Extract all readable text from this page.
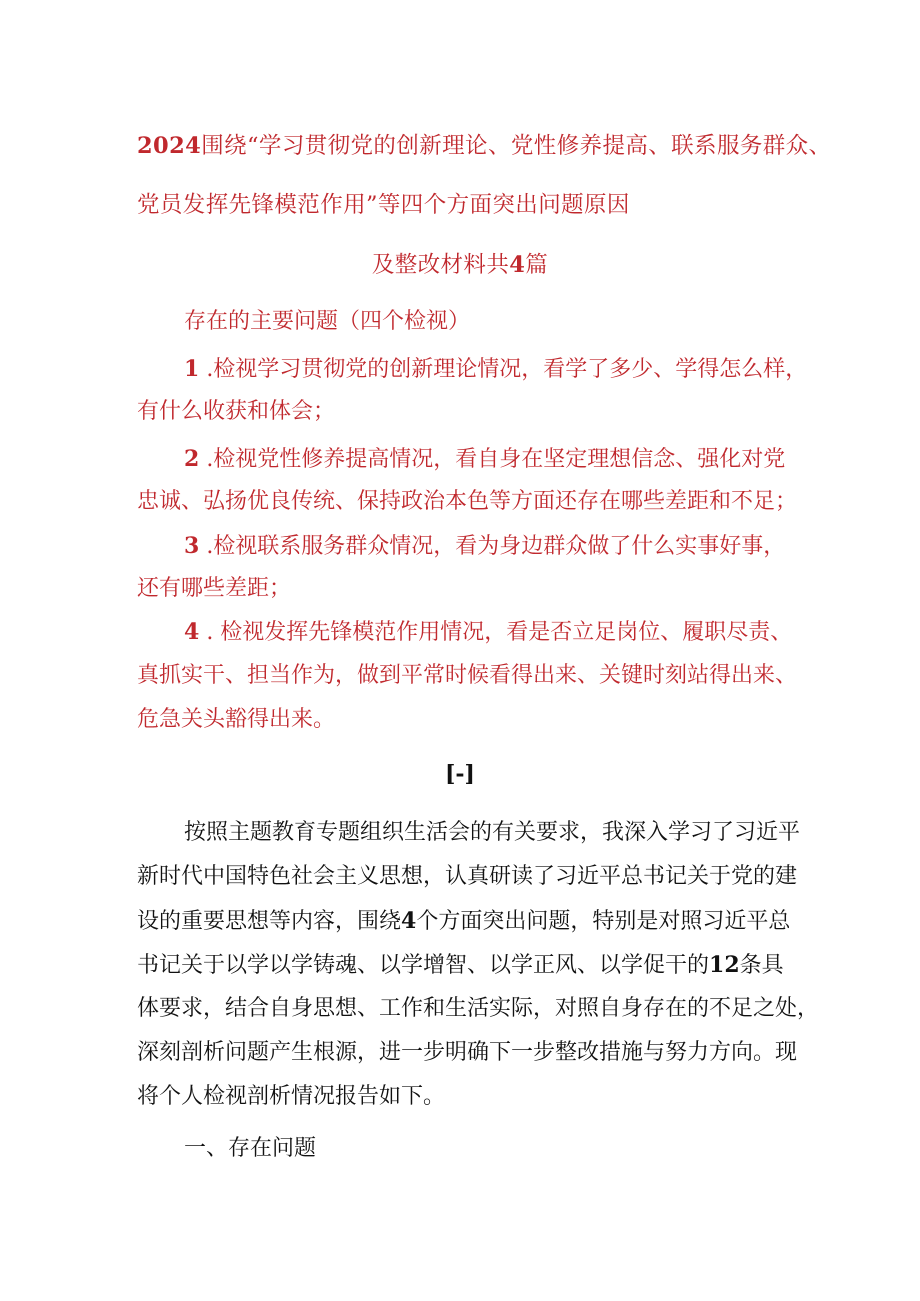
2024围绕“学习贯彻党的创新理论、党性修养提高、联系服务群众、
党员发挥先锋模范作用”等四个方面突出问题原因
及整改材料共4篇
存在的主要问题（四个检视）
1 .检视学习贯彻党的创新理论情况，看学了多少、学得怎么样，
有什么收获和体会；
2 .检视党性修养提高情况，看自身在坚定理想信念、强化对党
忠诚、弘扬优良传统、保持政治本色等方面还存在哪些差距和不足；
3 .检视联系服务群众情况，看为身边群众做了什么实事好事，
还有哪些差距；
4 . 检视发挥先锋模范作用情况，看是否立足岗位、履职尽责、
真抓实干、担当作为，做到平常时候看得出来、关键时刻站得出来、
危急关头豁得出来。
[-]
按照主题教育专题组织生活会的有关要求，我深入学习了习近平
新时代中国特色社会主义思想，认真研读了习近平总书记关于党的建
设的重要思想等内容，围绕4个方面突出问题，特别是对照习近平总
书记关于以学以学铸魂、以学增智、以学正风、以学促干的12条具
体要求，结合自身思想、工作和生活实际，对照自身存在的不足之处，
深刻剖析问题产生根源，进一步明确下一步整改措施与努力方向。现
将个人检视剖析情况报告如下。
一、存在问题
